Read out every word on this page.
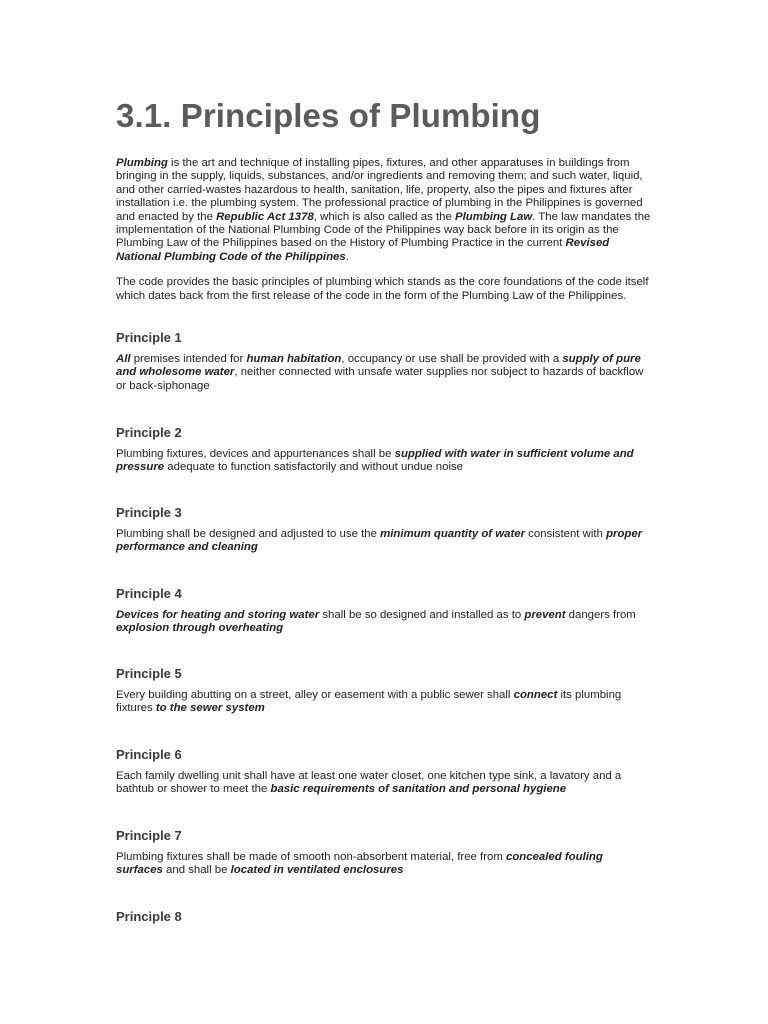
3.1. Principles of Plumbing

Plumbing is the art and technique of installing pipes, fixtures, and other apparatuses in buildings from bringing in the supply, liquids, substances, and/or ingredients and removing them; and such water, liquid, and other carried-wastes hazardous to health, sanitation, life, property, also the pipes and fixtures after installation i.e. the plumbing system. The professional practice of plumbing in the Philippines is governed and enacted by the Republic Act 1378, which is also called as the Plumbing Law. The law mandates the implementation of the National Plumbing Code of the Philippines way back before in its origin as the Plumbing Law of the Philippines based on the History of Plumbing Practice in the current Revised National Plumbing Code of the Philippines.

The code provides the basic principles of plumbing which stands as the core foundations of the code itself which dates back from the first release of the code in the form of the Plumbing Law of the Philippines.

Principle 1

All premises intended for human habitation, occupancy or use shall be provided with a supply of pure and wholesome water, neither connected with unsafe water supplies nor subject to hazards of backflow or back-siphonage

Principle 2

Plumbing fixtures, devices and appurtenances shall be supplied with water in sufficient volume and pressure adequate to function satisfactorily and without undue noise

Principle 3

Plumbing shall be designed and adjusted to use the minimum quantity of water consistent with proper performance and cleaning

Principle 4

Devices for heating and storing water shall be so designed and installed as to prevent dangers from explosion through overheating

Principle 5

Every building abutting on a street, alley or easement with a public sewer shall connect its plumbing fixtures to the sewer system

Principle 6

Each family dwelling unit shall have at least one water closet, one kitchen type sink, a lavatory and a bathtub or shower to meet the basic requirements of sanitation and personal hygiene

Principle 7

Plumbing fixtures shall be made of smooth non-absorbent material, free from concealed fouling surfaces and shall be located in ventilated enclosures

Principle 8
